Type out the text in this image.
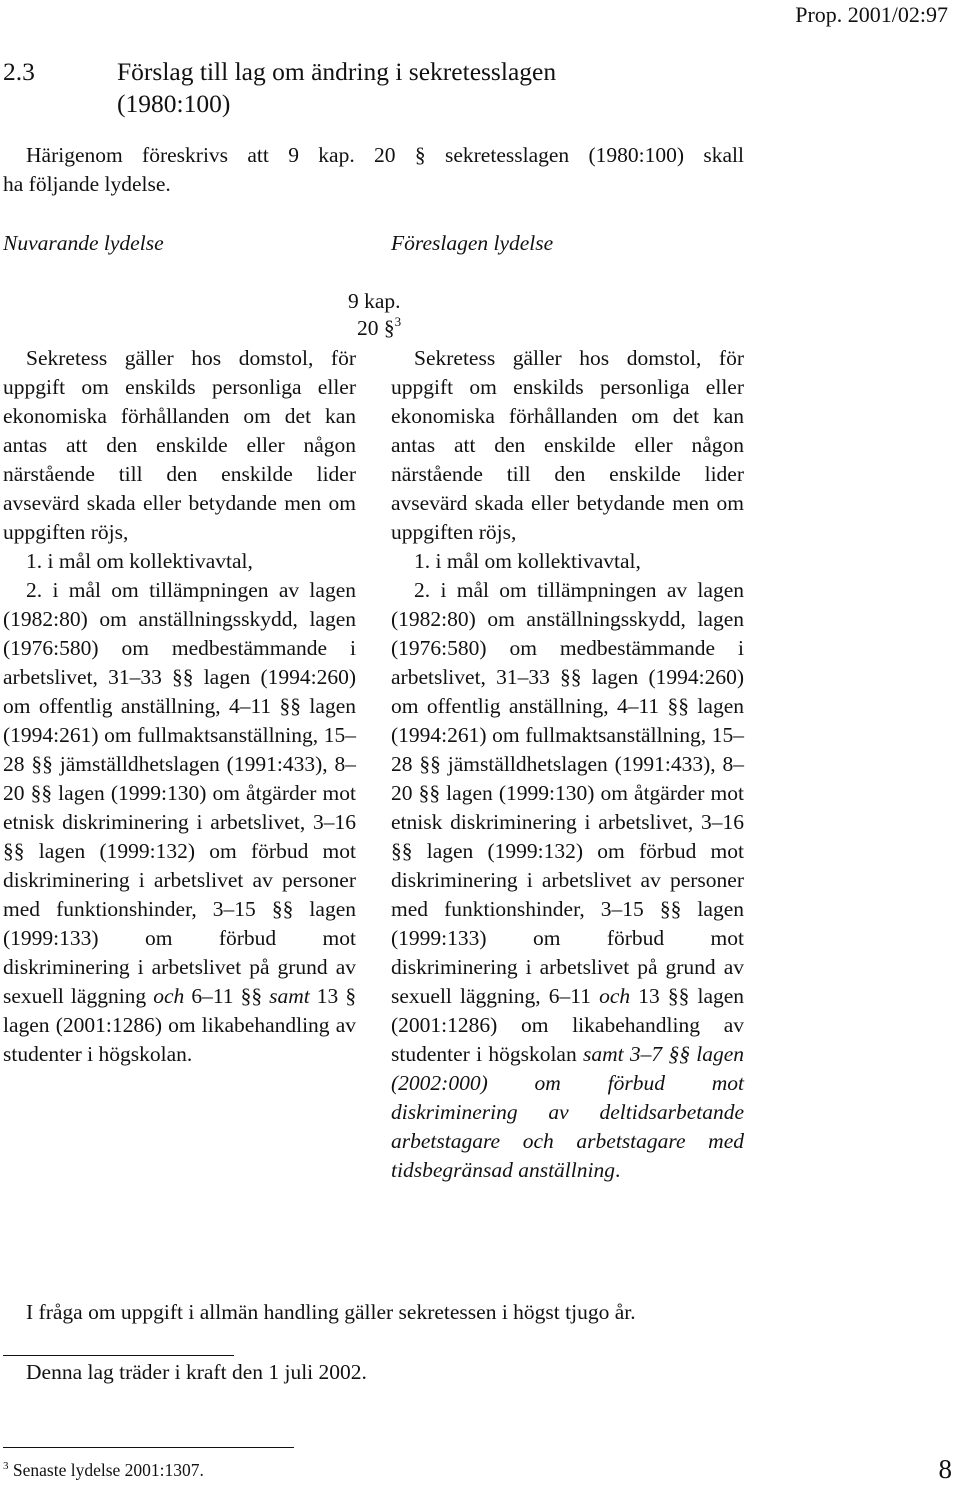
Prop. 2001/02:97
2.3	Förslag till lag om ändring i sekretesslagen
(1980:100)
Härigenom föreskrivs att 9 kap. 20 § sekretesslagen (1980:100) skall
ha följande lydelse.
Nuvarande lydelse	Föreslagen lydelse
9 kap.
20 §$^3$

Sekretess gäller hos domstol, för uppgift om enskilds personliga eller ekonomiska förhållanden om det kan antas att den enskilde eller någon närstående till den enskilde lider avsevärd skada eller betydande men om uppgiften röjs,

1. i mål om kollektivavtal,

2. i mål om tillämpningen av lagen (1982:80) om anställningsskydd, lagen (1976:580) om medbestämmande i arbetslivet, 31–33 §§ lagen (1994:260) om offentlig anställning, 4–11 §§ lagen (1994:261) om fullmaktsanställning, 15–28 §§ jämställdhetslagen (1991:433), 8–20 §§ lagen (1999:130) om åtgärder mot etnisk diskriminering i arbetslivet, 3–16 §§ lagen (1999:132) om förbud mot diskriminering i arbetslivet av personer med funktionshinder, 3–15 §§ lagen (1999:133) om förbud mot diskriminering i arbetslivet på grund av sexuell läggning och 6–11 §§ samt 13 § lagen (2001:1286) om likabehandling av studenter i högskolan.

Sekretess gäller hos domstol, för uppgift om enskilds personliga eller ekonomiska förhållanden om det kan antas att den enskilde eller någon närstående till den enskilde lider avsevärd skada eller betydande men om uppgiften röjs,

1. i mål om kollektivavtal,

2. i mål om tillämpningen av lagen (1982:80) om anställningsskydd, lagen (1976:580) om medbestämmande i arbetslivet, 31–33 §§ lagen (1994:260) om offentlig anställning, 4–11 §§ lagen (1994:261) om fullmaktsanställning, 15–28 §§ jämställdhetslagen (1991:433), 8–20 §§ lagen (1999:130) om åtgärder mot etnisk diskriminering i arbetslivet, 3–16 §§ lagen (1999:132) om förbud mot diskriminering i arbetslivet av personer med funktionshinder, 3–15 §§ lagen (1999:133) om förbud mot diskriminering i arbetslivet på grund av sexuell läggning, 6–11 och 13 §§ lagen (2001:1286) om likabehandling av studenter i högskolan samt 3–7 §§ lagen (2002:000) om förbud mot diskriminering av deltidsarbetande arbetstagare och arbetstagare med tidsbegränsad anställning.

I fråga om uppgift i allmän handling gäller sekretessen i högst tjugo år.
Denna lag träder i kraft den 1 juli 2002.
$^3$ Senaste lydelse 2001:1307.	8
